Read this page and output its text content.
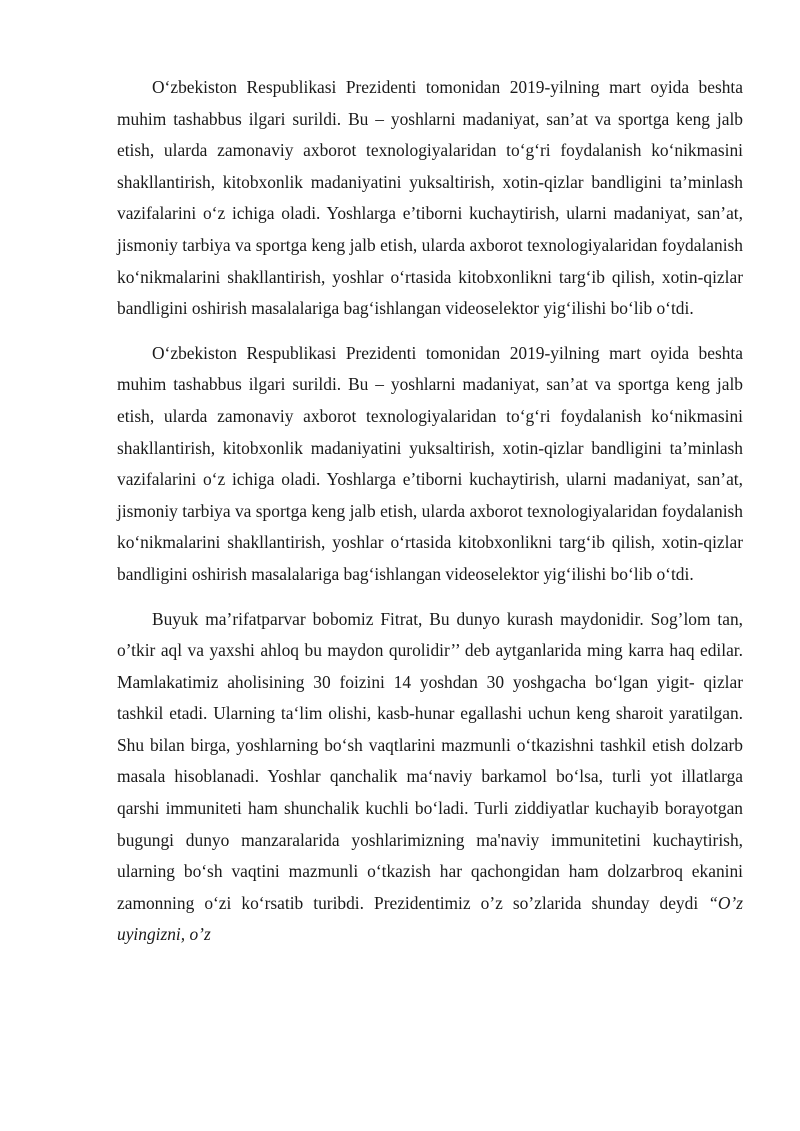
O‘zbekiston Respublikasi Prezidenti tomonidan 2019-yilning mart oyida beshta muhim tashabbus ilgari surildi. Bu – yoshlarni madaniyat, san’at va sportga keng jalb etish, ularda zamonaviy axborot texnologiyalaridan to‘g‘ri foydalanish ko‘nikmasini shakllantirish, kitobxonlik madaniyatini yuksaltirish, xotin-qizlar bandligini ta’minlash vazifalarini o‘z ichiga oladi. Yoshlarga e’tiborni kuchaytirish, ularni madaniyat, san’at, jismoniy tarbiya va sportga keng jalb etish, ularda axborot texnologiyalaridan foydalanish ko‘nikmalarini shakllantirish, yoshlar o‘rtasida kitobxonlikni targ‘ib qilish, xotin-qizlar bandligini oshirish masalalariga bag‘ishlangan videoselektor yig‘ilishi bo‘lib o‘tdi.

O‘zbekiston Respublikasi Prezidenti tomonidan 2019-yilning mart oyida beshta muhim tashabbus ilgari surildi. Bu – yoshlarni madaniyat, san’at va sportga keng jalb etish, ularda zamonaviy axborot texnologiyalaridan to‘g‘ri foydalanish ko‘nikmasini shakllantirish, kitobxonlik madaniyatini yuksaltirish, xotin-qizlar bandligini ta’minlash vazifalarini o‘z ichiga oladi. Yoshlarga e’tiborni kuchaytirish, ularni madaniyat, san’at, jismoniy tarbiya va sportga keng jalb etish, ularda axborot texnologiyalaridan foydalanish ko‘nikmalarini shakllantirish, yoshlar o‘rtasida kitobxonlikni targ‘ib qilish, xotin-qizlar bandligini oshirish masalalariga bag‘ishlangan videoselektor yig‘ilishi bo‘lib o‘tdi.

Buyuk ma’rifatparvar bobomiz Fitrat, Bu dunyo kurash maydonidir. Sog’lom tan, o’tkir aql va yaxshi ahloq bu maydon qurolidir’’ deb aytganlarida ming karra haq edilar. Mamlakatimiz aholisining 30 foizini 14 yoshdan 30 yoshgacha bo‘lgan yigit- qizlar tashkil etadi. Ularning ta‘lim olishi, kasb-hunar egallashi uchun keng sharoit yaratilgan. Shu bilan birga, yoshlarning bo‘sh vaqtlarini mazmunli o‘tkazishni tashkil etish dolzarb masala hisoblanadi. Yoshlar qanchalik ma‘naviy barkamol bo‘lsa, turli yot illatlarga qarshi immuniteti ham shunchalik kuchli bo‘ladi. Turli ziddiyatlar kuchayib borayotgan bugungi dunyo manzaralarida yoshlarimizning ma'naviy immunitetini kuchaytirish, ularning bo‘sh vaqtini mazmunli o‘tkazish har qachongidan ham dolzarbroq ekanini zamonning o‘zi ko‘rsatib turibdi. Prezidentimiz o’z so’zlarida shunday deydi “O’z uyingizni, o’z
